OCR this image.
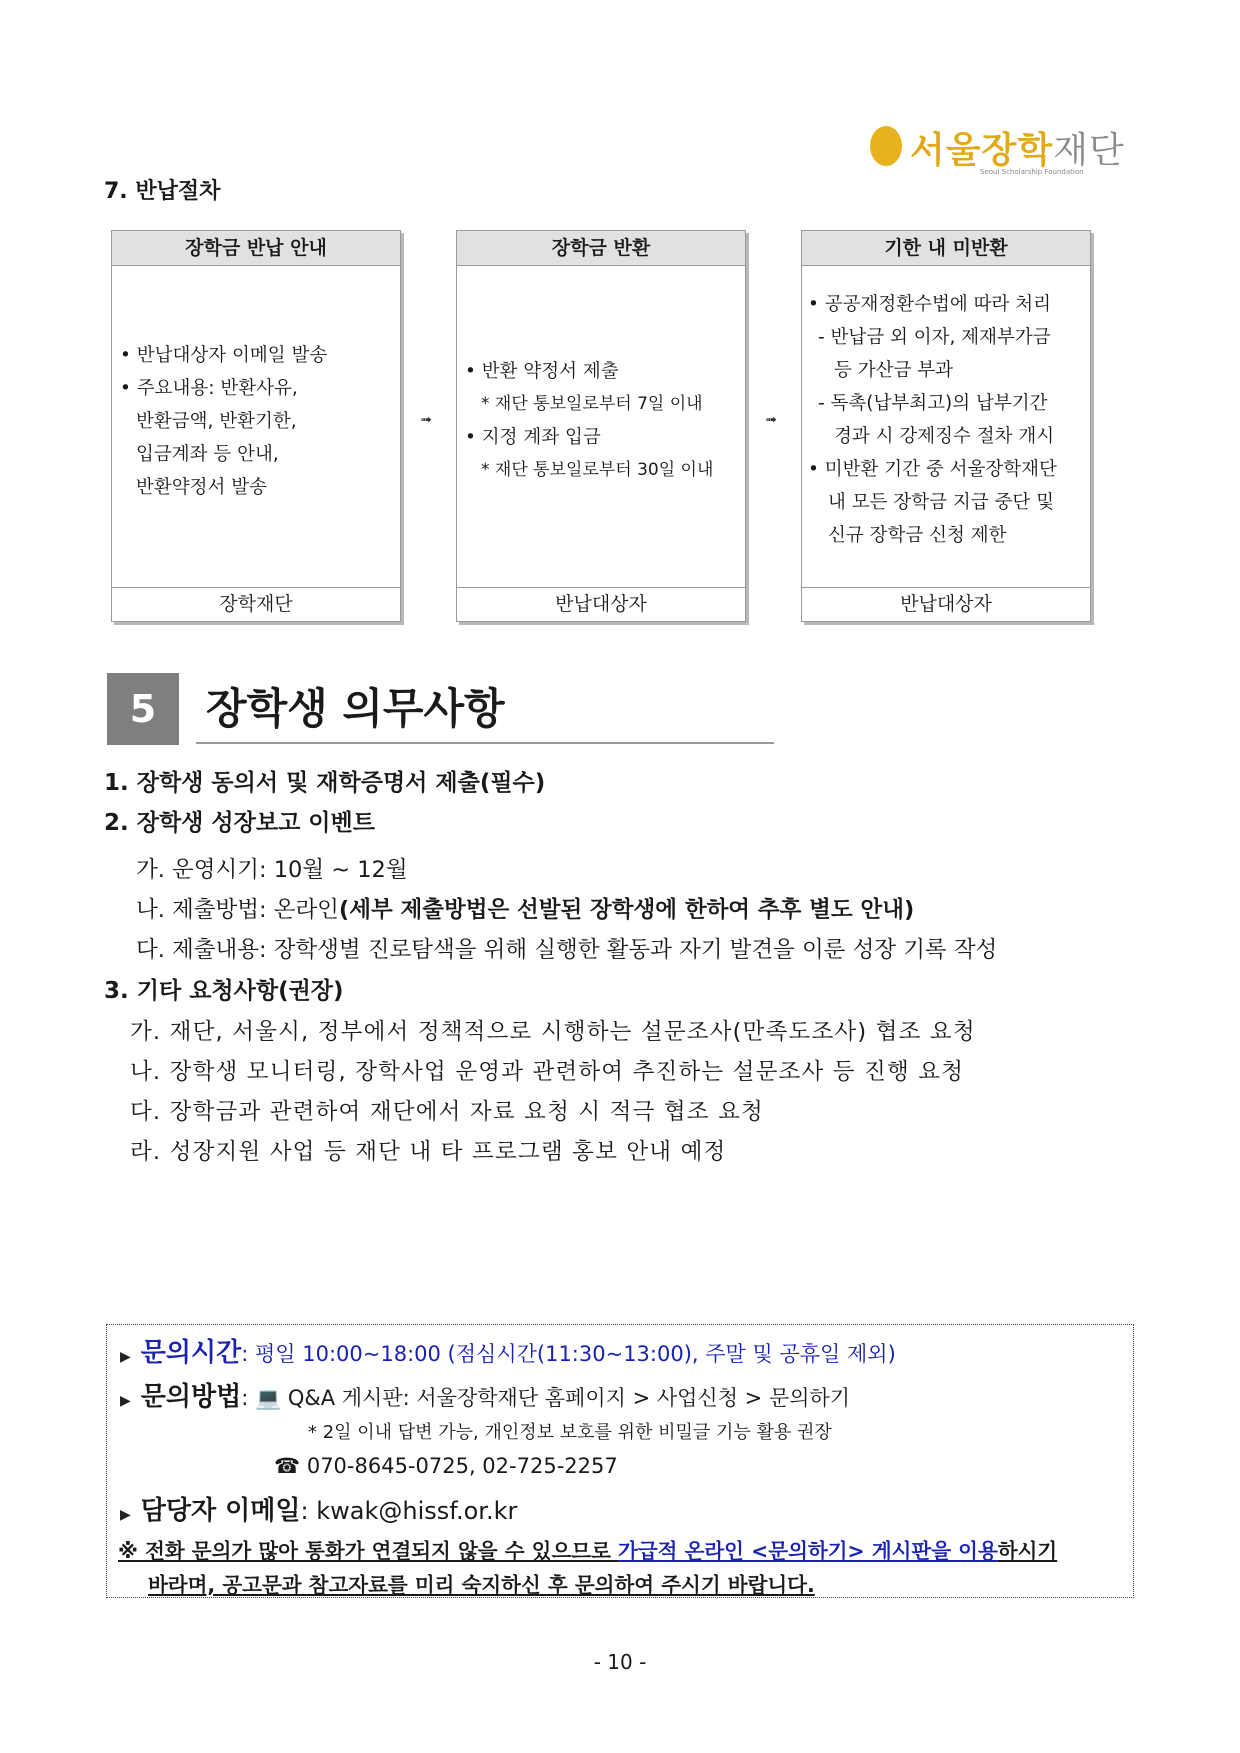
서울장학재단
Seoul Scholarship Foundation
7. 반납절차
장학금 반납 안내
• 반납대상자 이메일 발송
• 주요내용: 반환사유,
반환금액, 반환기한,
입금계좌 등 안내,
반환약정서 발송
장학재단
➟
장학금 반환
• 반환 약정서 제출
* 재단 통보일로부터 7일 이내
• 지정 계좌 입금
* 재단 통보일로부터 30일 이내
반납대상자
➟
기한 내 미반환
• 공공재정환수법에 따라 처리
- 반납금 외 이자, 제재부가금
등 가산금 부과
- 독촉(납부최고)의 납부기간
경과 시 강제징수 절차 개시
• 미반환 기간 중 서울장학재단
내 모든 장학금 지급 중단 및
신규 장학금 신청 제한
반납대상자
5	장학생 의무사항
1. 장학생 동의서 및 재학증명서 제출(필수)
2. 장학생 성장보고 이벤트
가. 운영시기: 10월 ~ 12월
나. 제출방법: 온라인(세부 제출방법은 선발된 장학생에 한하여 추후 별도 안내)
다. 제출내용: 장학생별 진로탐색을 위해 실행한 활동과 자기 발견을 이룬 성장 기록 작성
3. 기타 요청사항(권장)
가. 재단, 서울시, 정부에서 정책적으로 시행하는 설문조사(만족도조사) 협조 요청
나. 장학생 모니터링, 장학사업 운영과 관련하여 추진하는 설문조사 등 진행 요청
다. 장학금과 관련하여 재단에서 자료 요청 시 적극 협조 요청
라. 성장지원 사업 등 재단 내 타 프로그램 홍보 안내 예정
▶ 문의시간: 평일 10:00~18:00 (점심시간(11:30~13:00), 주말 및 공휴일 제외)
▶ 문의방법: 💻 Q&A 게시판: 서울장학재단 홈페이지 > 사업신청 > 문의하기
* 2일 이내 답변 가능, 개인정보 보호를 위한 비밀글 기능 활용 권장
☎ 070-8645-0725, 02-725-2257
▶ 담당자 이메일: kwak@hissf.or.kr
※ 전화 문의가 많아 통화가 연결되지 않을 수 있으므로 가급적 온라인 <문의하기> 게시판을 이용하시기
바라며, 공고문과 참고자료를 미리 숙지하신 후 문의하여 주시기 바랍니다.
- 10 -
